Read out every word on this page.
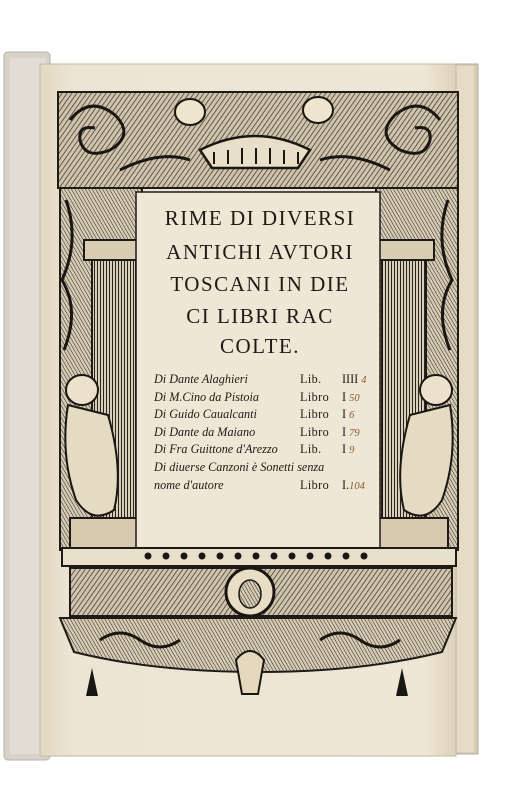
RIME DI DIVERSI
ANTICHI AVTORI
TOSCANI IN DIE
CI LIBRI RAC
COLTE.
Di Dante Alaghieri	Lib. IIII 4
Di M.Cino da Pistoia	Libro I 50
Di Guido Caualcanti	Libro I 6
Di Dante da Maiano	Libro I 79
Di Fra Guittone d'Arezzo Lib. I 9
Di diuerse Canzoni è Sonetti senza
nome d'autore	Libro I.104
